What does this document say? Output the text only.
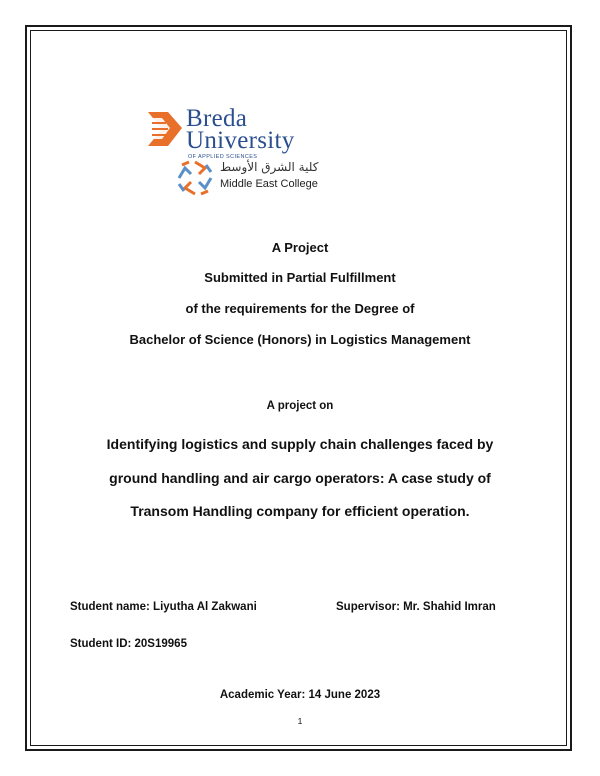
Breda
University
OF APPLIED SCIENCES
كلية الشرق الأوسط
Middle East College
A Project
Submitted in Partial Fulfillment
of the requirements for the Degree of
Bachelor of Science (Honors) in Logistics Management
A project on
Identifying logistics and supply chain challenges faced by
ground handling and air cargo operators: A case study of
Transom Handling company for efficient operation.
Student name: Liyutha Al Zakwani	Supervisor: Mr. Shahid Imran
Student ID: 20S19965
Academic Year: 14 June 2023
1
